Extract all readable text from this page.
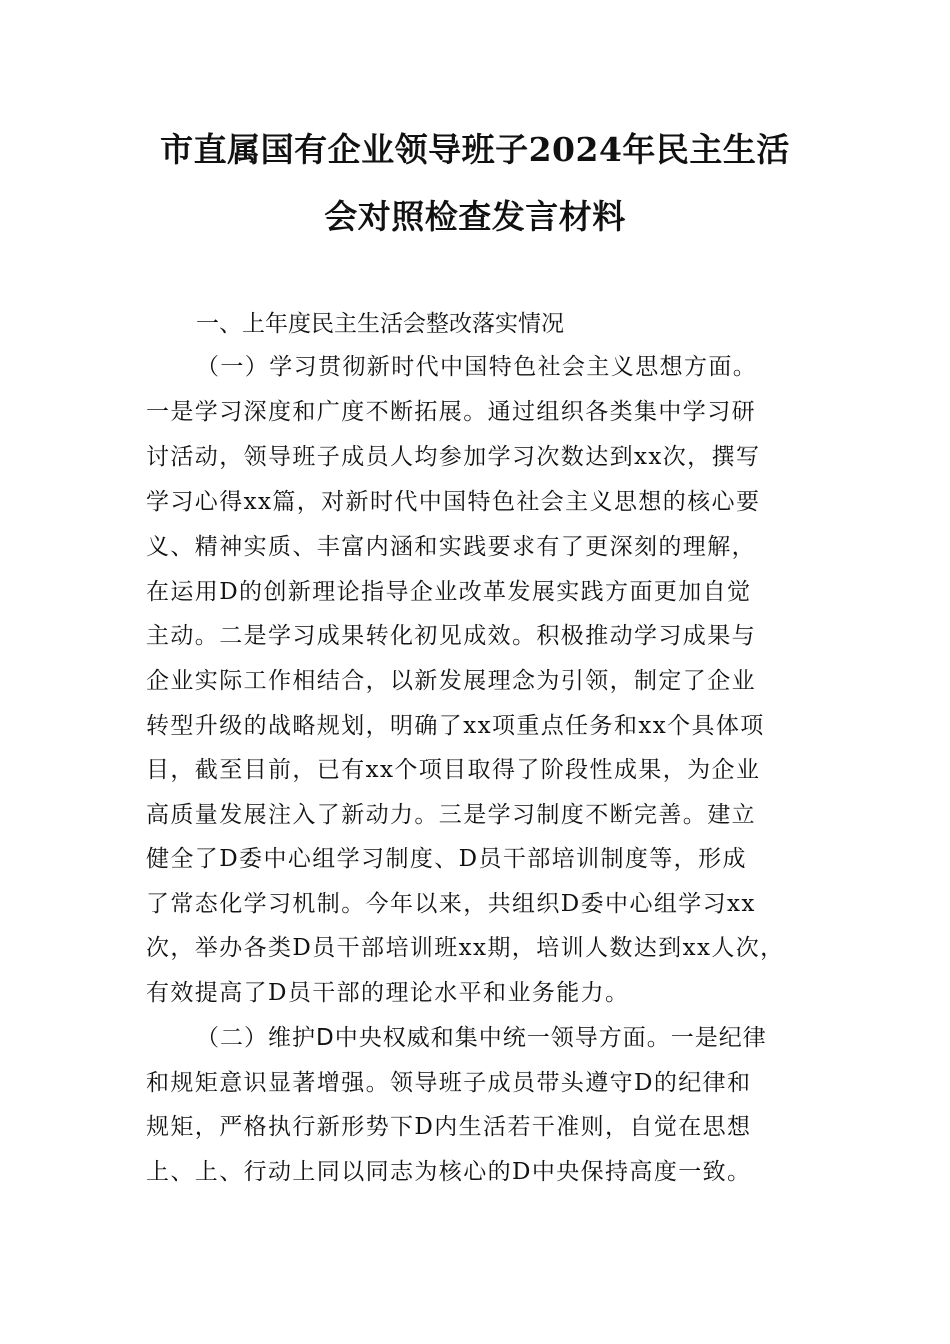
市直属国有企业领导班子2024年民主生活
会对照检查发言材料
一、上年度民主生活会整改落实情况
（一）学习贯彻新时代中国特色社会主义思想方面。
一是学习深度和广度不断拓展。通过组织各类集中学习研
讨活动，领导班子成员人均参加学习次数达到xx次，撰写
学习心得xx篇，对新时代中国特色社会主义思想的核心要
义、精神实质、丰富内涵和实践要求有了更深刻的理解，
在运用D的创新理论指导企业改革发展实践方面更加自觉
主动。二是学习成果转化初见成效。积极推动学习成果与
企业实际工作相结合，以新发展理念为引领，制定了企业
转型升级的战略规划，明确了xx项重点任务和xx个具体项
目，截至目前，已有xx个项目取得了阶段性成果，为企业
高质量发展注入了新动力。三是学习制度不断完善。建立
健全了D委中心组学习制度、D员干部培训制度等，形成
了常态化学习机制。今年以来，共组织D委中心组学习xx
次，举办各类D员干部培训班xx期，培训人数达到xx人次，
有效提高了D员干部的理论水平和业务能力。
（二）维护D中央权威和集中统一领导方面。一是纪律
和规矩意识显著增强。领导班子成员带头遵守D的纪律和
规矩，严格执行新形势下D内生活若干准则，自觉在思想
上、上、行动上同以同志为核心的D中央保持高度一致。
